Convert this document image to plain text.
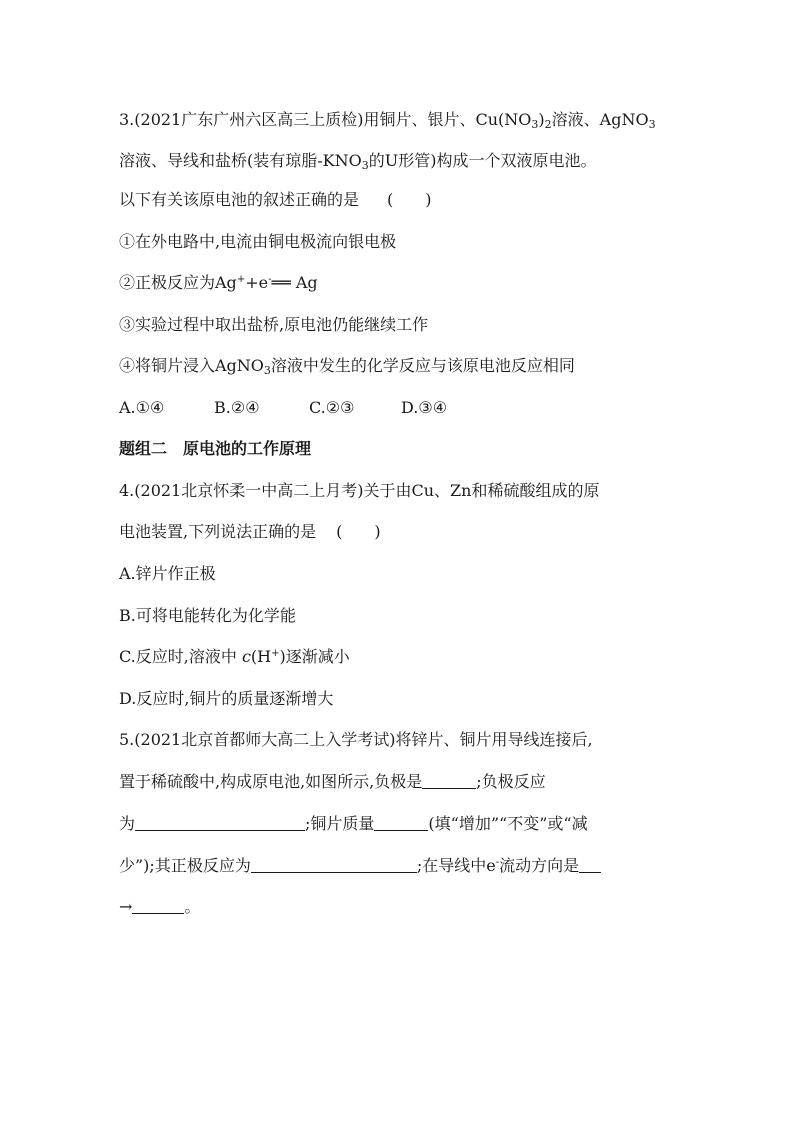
3.(2021广东广州六区高三上质检)用铜片、银片、$Cu(NO_3)_2$溶液、AgNO$_3$
溶液、导线和盐桥(装有琼脂$-KNO_3$的U形管)构成一个双液原电池。
以下有关该原电池的叙述正确的是 (　　)
①在外电路中,电流由铜电极流向银电极
②正极反应为Ag++e-══ Ag
③实验过程中取出盐桥,原电池仍能继续工作
④将铜片浸入AgNO$_3$溶液中发生的化学反应与该原电池反应相同
A.①④	B.②④	C.②③	D.③④
题组二　原电池的工作原理
4.(2021北京怀柔一中高二上月考)关于由Cu、Zn和稀硫酸组成的原
电池装置,下列说法正确的是 (　　)
A.锌片作正极
B.可将电能转化为化学能
C.反应时,溶液中 c(H+)逐渐减小
D.反应时,铜片的质量逐渐增大
5.(2021北京首都师大高二上入学考试)将锌片、铜片用导线连接后,
置于稀硫酸中,构成原电池,如图所示,负极是	;负极反应
为	;铜片质量	(填“增加”“不变”或“减
少”);其正极反应为	;在导线中e-流动方向是
→	。
